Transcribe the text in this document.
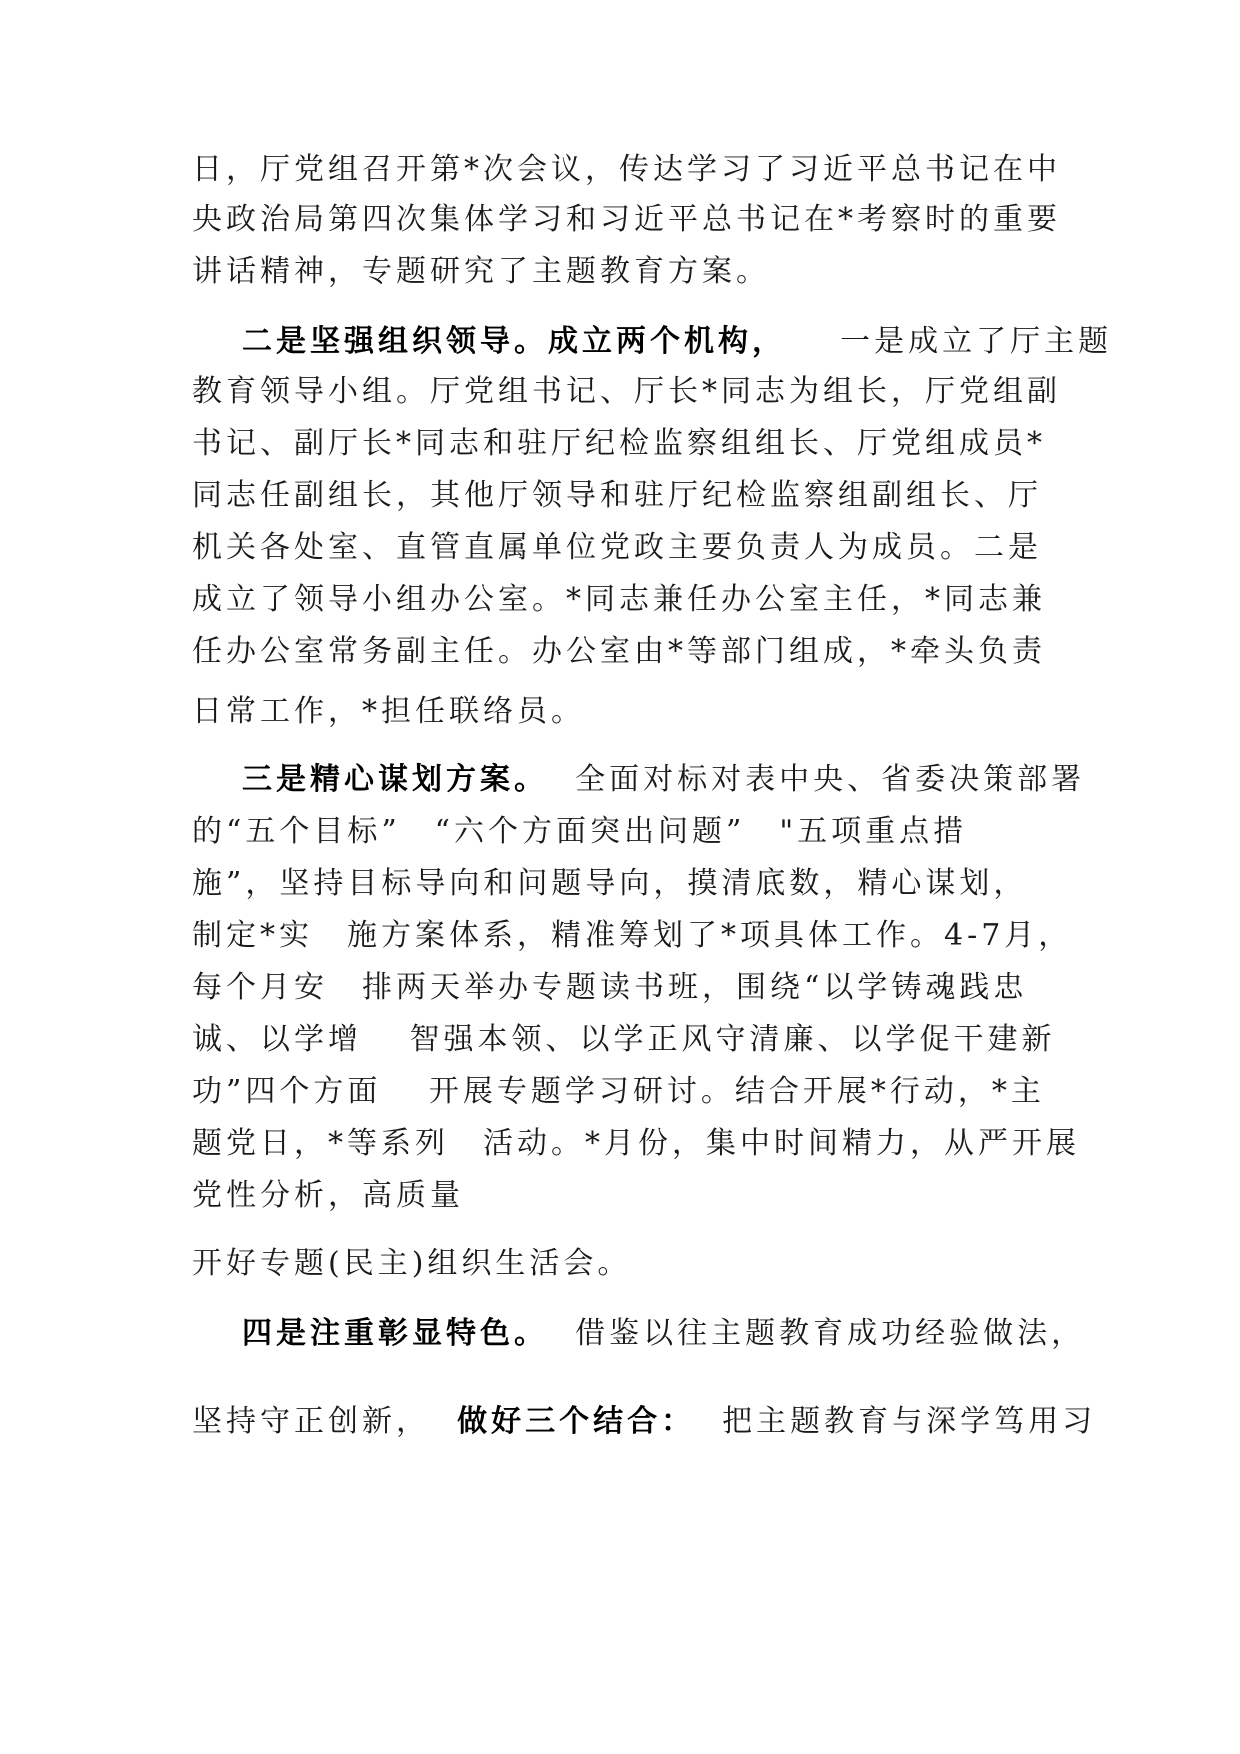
日，厅党组召开第*次会议，传达学习了习近平总书记在中
央政治局第四次集体学习和习近平总书记在*考察时的重要
讲话精神，专题研究了主题教育方案。
二是坚强组织领导。成立两个机构， 一是成立了厅主题
教育领导小组。厅党组书记、厅长*同志为组长，厅党组副
书记、副厅长*同志和驻厅纪检监察组组长、厅党组成员*
同志任副组长，其他厅领导和驻厅纪检监察组副组长、厅
机关各处室、直管直属单位党政主要负责人为成员。二是
成立了领导小组办公室。*同志兼任办公室主任，*同志兼
任办公室常务副主任。办公室由*等部门组成，*牵头负责
日常工作，*担任联络员。
三是精心谋划方案。 全面对标对表中央、省委决策部署
的“五个目标”　“六个方面突出问题”　"五项重点措
施”，坚持目标导向和问题导向，摸清底数，精心谋划，
制定*实　施方案体系，精准筹划了*项具体工作。4-7月，
每个月安　排两天举办专题读书班，围绕“以学铸魂践忠
诚、以学增　 智强本领、以学正风守清廉、以学促干建新
功”四个方面　 开展专题学习研讨。结合开展*行动，*主
题党日，*等系列　活动。*月份，集中时间精力，从严开展
党性分析，高质量
开好专题(民主)组织生活会。
四是注重彰显特色。 借鉴以往主题教育成功经验做法，
坚持守正创新， 做好三个结合： 把主题教育与深学笃用习
